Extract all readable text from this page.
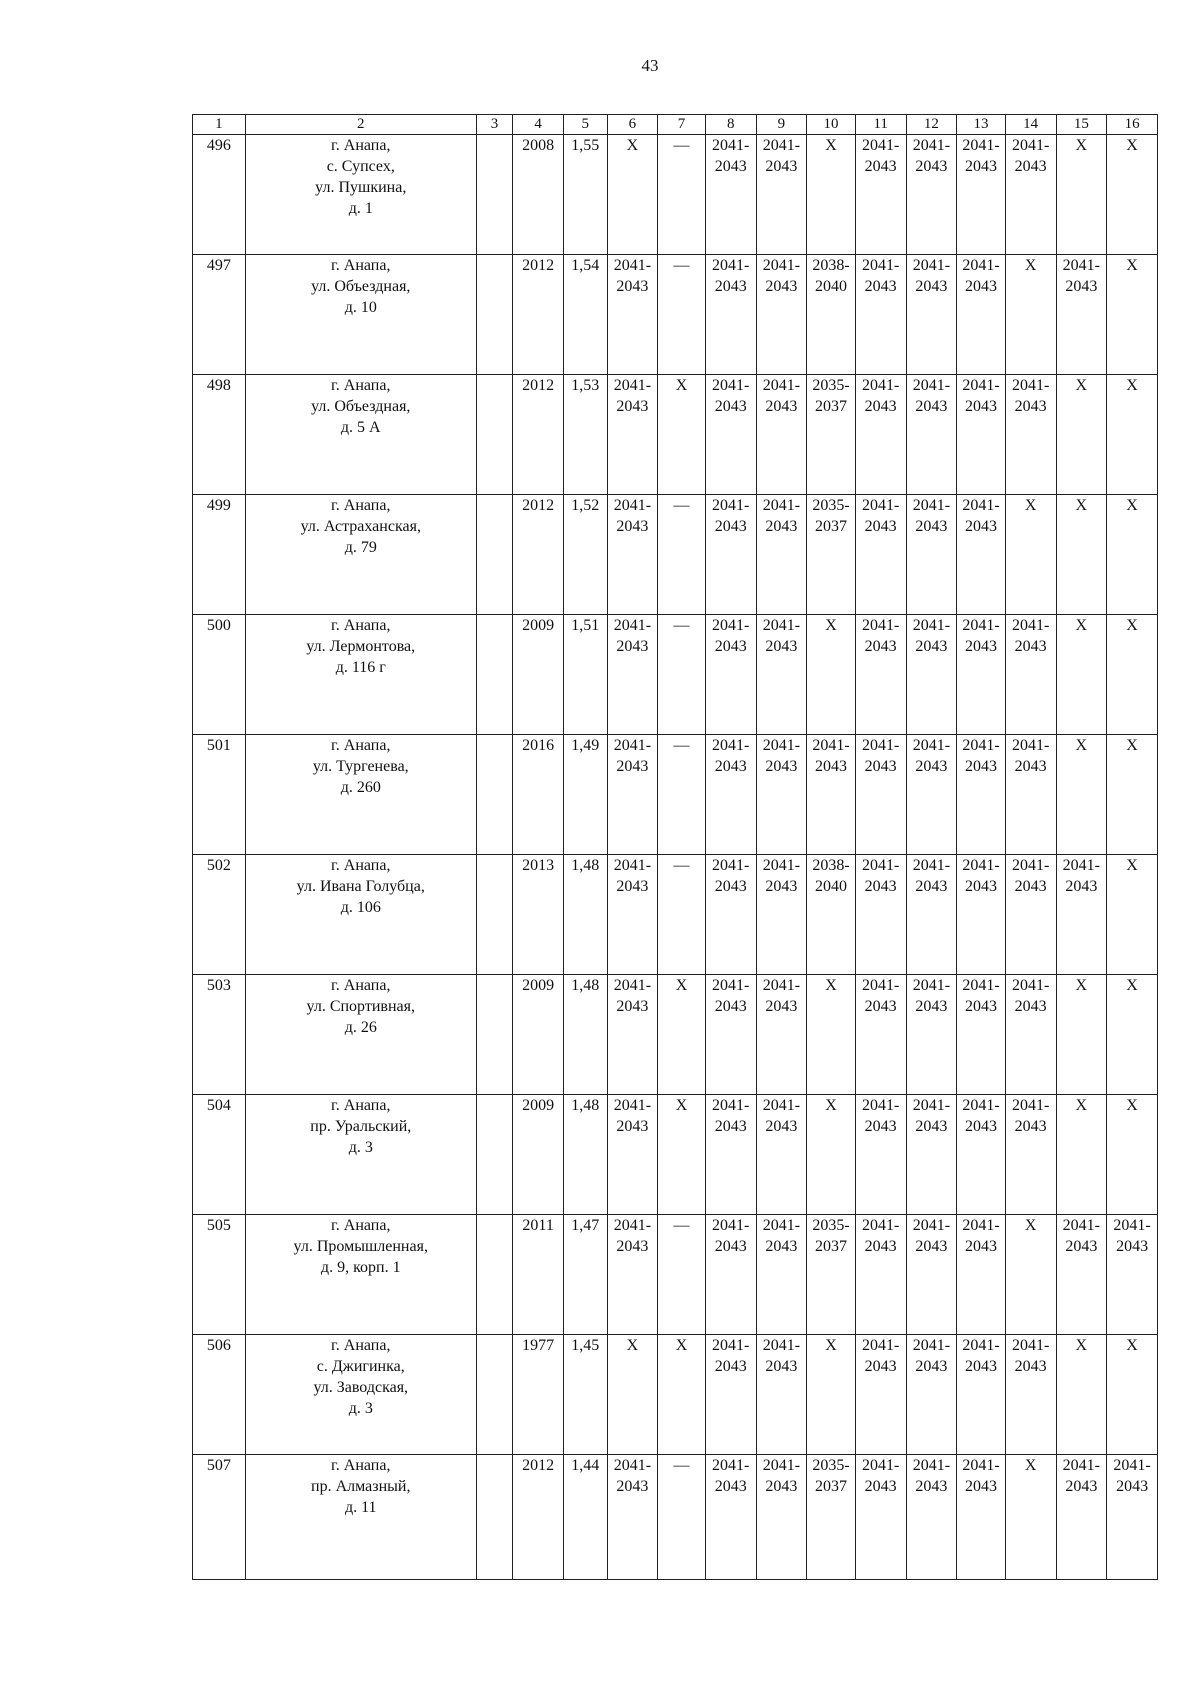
43
1	2	3	4	5	6	7	8	9	10	11	12	13	14	15	16
496	г. Анапа,
с. Супсех,
ул. Пушкина,
д. 1		2008	1,55	Х	—	2041-
2043	2041-
2043	Х	2041-
2043	2041-
2043	2041-
2043	2041-
2043	Х	Х

497	г. Анапа,
ул. Объездная,
д. 10		2012	1,54	2041-
2043	—	2041-
2043	2041-
2043	2038-
2040	2041-
2043	2041-
2043	2041-
2043	Х	2041-
2043	Х

498	г. Анапа,
ул. Объездная,
д. 5 А		2012	1,53	2041-
2043	Х	2041-
2043	2041-
2043	2035-
2037	2041-
2043	2041-
2043	2041-
2043	2041-
2043	Х	Х

499	г. Анапа,
ул. Астраханская,
д. 79		2012	1,52	2041-
2043	—	2041-
2043	2041-
2043	2035-
2037	2041-
2043	2041-
2043	2041-
2043	Х	Х	Х

500	г. Анапа,
ул. Лермонтова,
д. 116 г		2009	1,51	2041-
2043	—	2041-
2043	2041-
2043	Х	2041-
2043	2041-
2043	2041-
2043	2041-
2043	Х	Х

501	г. Анапа,
ул. Тургенева,
д. 260		2016	1,49	2041-
2043	—	2041-
2043	2041-
2043	2041-
2043	2041-
2043	2041-
2043	2041-
2043	2041-
2043	Х	Х

502	г. Анапа,
ул. Ивана Голубца,
д. 106		2013	1,48	2041-
2043	—	2041-
2043	2041-
2043	2038-
2040	2041-
2043	2041-
2043	2041-
2043	2041-
2043	2041-
2043	Х

503	г. Анапа,
ул. Спортивная,
д. 26		2009	1,48	2041-
2043	Х	2041-
2043	2041-
2043	Х	2041-
2043	2041-
2043	2041-
2043	2041-
2043	Х	Х

504	г. Анапа,
пр. Уральский,
д. 3		2009	1,48	2041-
2043	Х	2041-
2043	2041-
2043	Х	2041-
2043	2041-
2043	2041-
2043	2041-
2043	Х	Х

505	г. Анапа,
ул. Промышленная,
д. 9, корп. 1		2011	1,47	2041-
2043	—	2041-
2043	2041-
2043	2035-
2037	2041-
2043	2041-
2043	2041-
2043	Х	2041-
2043	2041-
2043

506	г. Анапа,
с. Джигинка,
ул. Заводская,
д. 3		1977	1,45	Х	Х	2041-
2043	2041-
2043	Х	2041-
2043	2041-
2043	2041-
2043	2041-
2043	Х	Х

507	г. Анапа,
пр. Алмазный,
д. 11		2012	1,44	2041-
2043	—	2041-
2043	2041-
2043	2035-
2037	2041-
2043	2041-
2043	2041-
2043	Х	2041-
2043	2041-
2043
